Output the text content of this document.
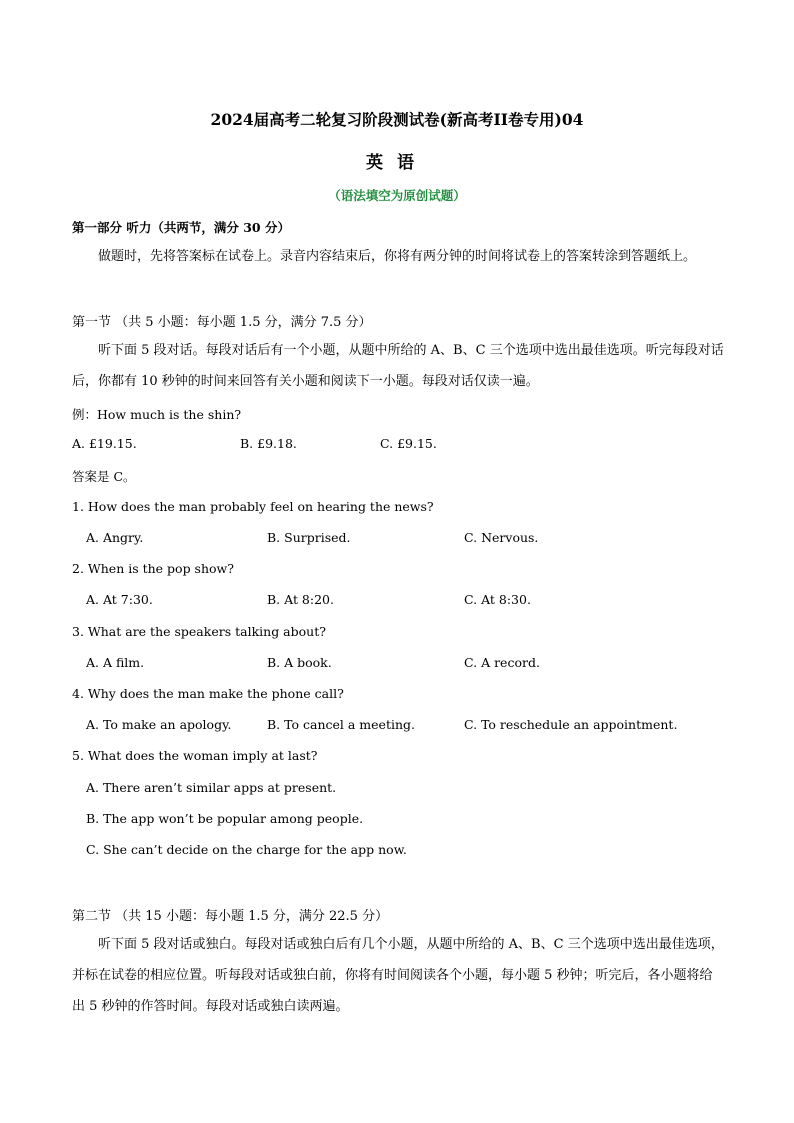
2024届高考二轮复习阶段测试卷(新高考II卷专用)04
英语
（语法填空为原创试题）
第一部分 听力（共两节，满分 30 分）
做题时，先将答案标在试卷上。录音内容结束后，你将有两分钟的时间将试卷上的答案转涂到答题纸上。
第一节 （共 5 小题：每小题 1.5 分，满分 7.5 分）
听下面 5 段对话。每段对话后有一个小题，从题中所给的 A、B、C 三个选项中选出最佳选项。听完每段对话后，你都有 10 秒钟的时间来回答有关小题和阅读下一小题。每段对话仅读一遍。
例：How much is the shin?
A. £19.15.	B. £9.18.	C. £9.15.
答案是 C。
1. How does the man probably feel on hearing the news?
A. Angry.	B. Surprised.	C. Nervous.
2. When is the pop show?
A. At 7:30.	B. At 8:20.	C. At 8:30.
3. What are the speakers talking about?
A. A film.	B. A book.	C. A record.
4. Why does the man make the phone call?
A. To make an apology.	B. To cancel a meeting.	C. To reschedule an appointment.
5. What does the woman imply at last?
A. There aren’t similar apps at present.
B. The app won’t be popular among people.
C. She can’t decide on the charge for the app now.
第二节 （共 15 小题：每小题 1.5 分，满分 22.5 分）
听下面 5 段对话或独白。每段对话或独白后有几个小题，从题中所给的 A、B、C 三个选项中选出最佳选项，并标在试卷的相应位置。听每段对话或独白前，你将有时间阅读各个小题，每小题 5 秒钟；听完后，各小题将给出 5 秒钟的作答时间。每段对话或独白读两遍。
